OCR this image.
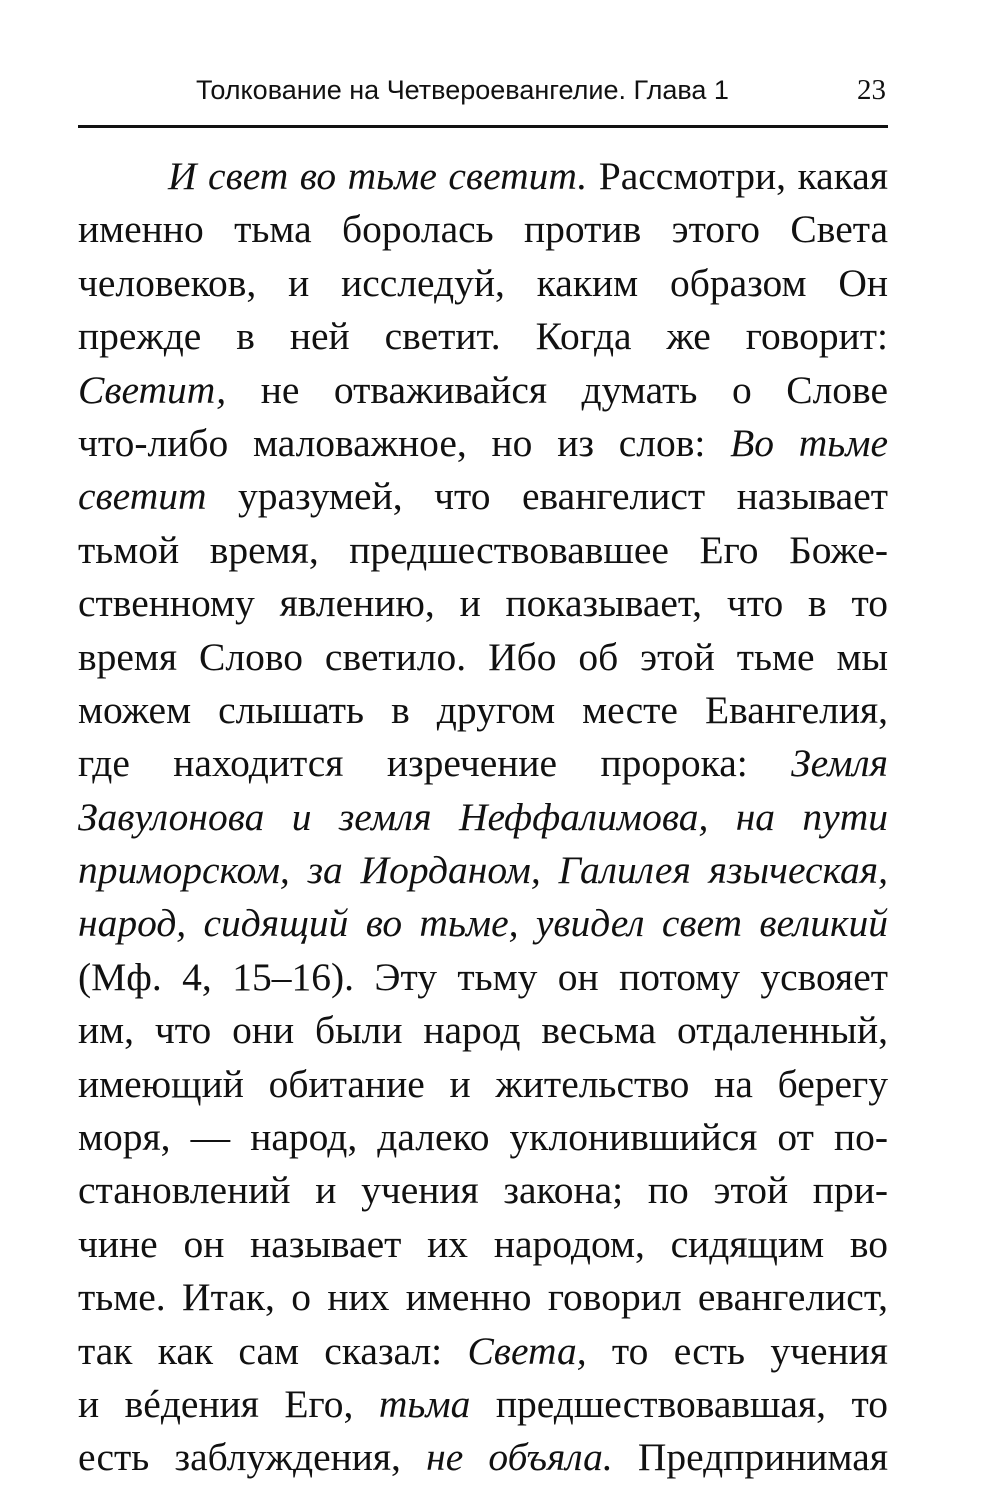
Толкование на Четвероевангелие. Глава 1	23
И свет во тьме светит. Рассмотри, какая
именно тьма боролась против этого Света
человеков, и исследуй, каким образом Он
прежде в ней светит. Когда же говорит:
Светит, не отваживайся думать о Слове
что-либо маловажное, но из слов: Во тьме
светит уразумей, что евангелист называет
тьмой время, предшествовавшее Его Боже-
ственному явлению, и показывает, что в то
время Слово светило. Ибо об этой тьме мы
можем слышать в другом месте Евангелия,
где находится изречение пророка: Земля
Завулонова и земля Неффалимова, на пути
приморском, за Иорданом, Галилея языческая,
народ, сидящий во тьме, увидел свет великий
(Мф. 4, 15–16). Эту тьму он потому усвояет
им, что они были народ весьма отдаленный,
имеющий обитание и жительство на берегу
моря, — народ, далеко уклонившийся от по-
становлений и учения закона; по этой при-
чине он называет их народом, сидящим во
тьме. Итак, о них именно говорил евангелист,
так как сам сказал: Света, то есть учения
и вéдения Его, тьма предшествовавшая, то
есть заблуждения, не объяла. Предпринимая
